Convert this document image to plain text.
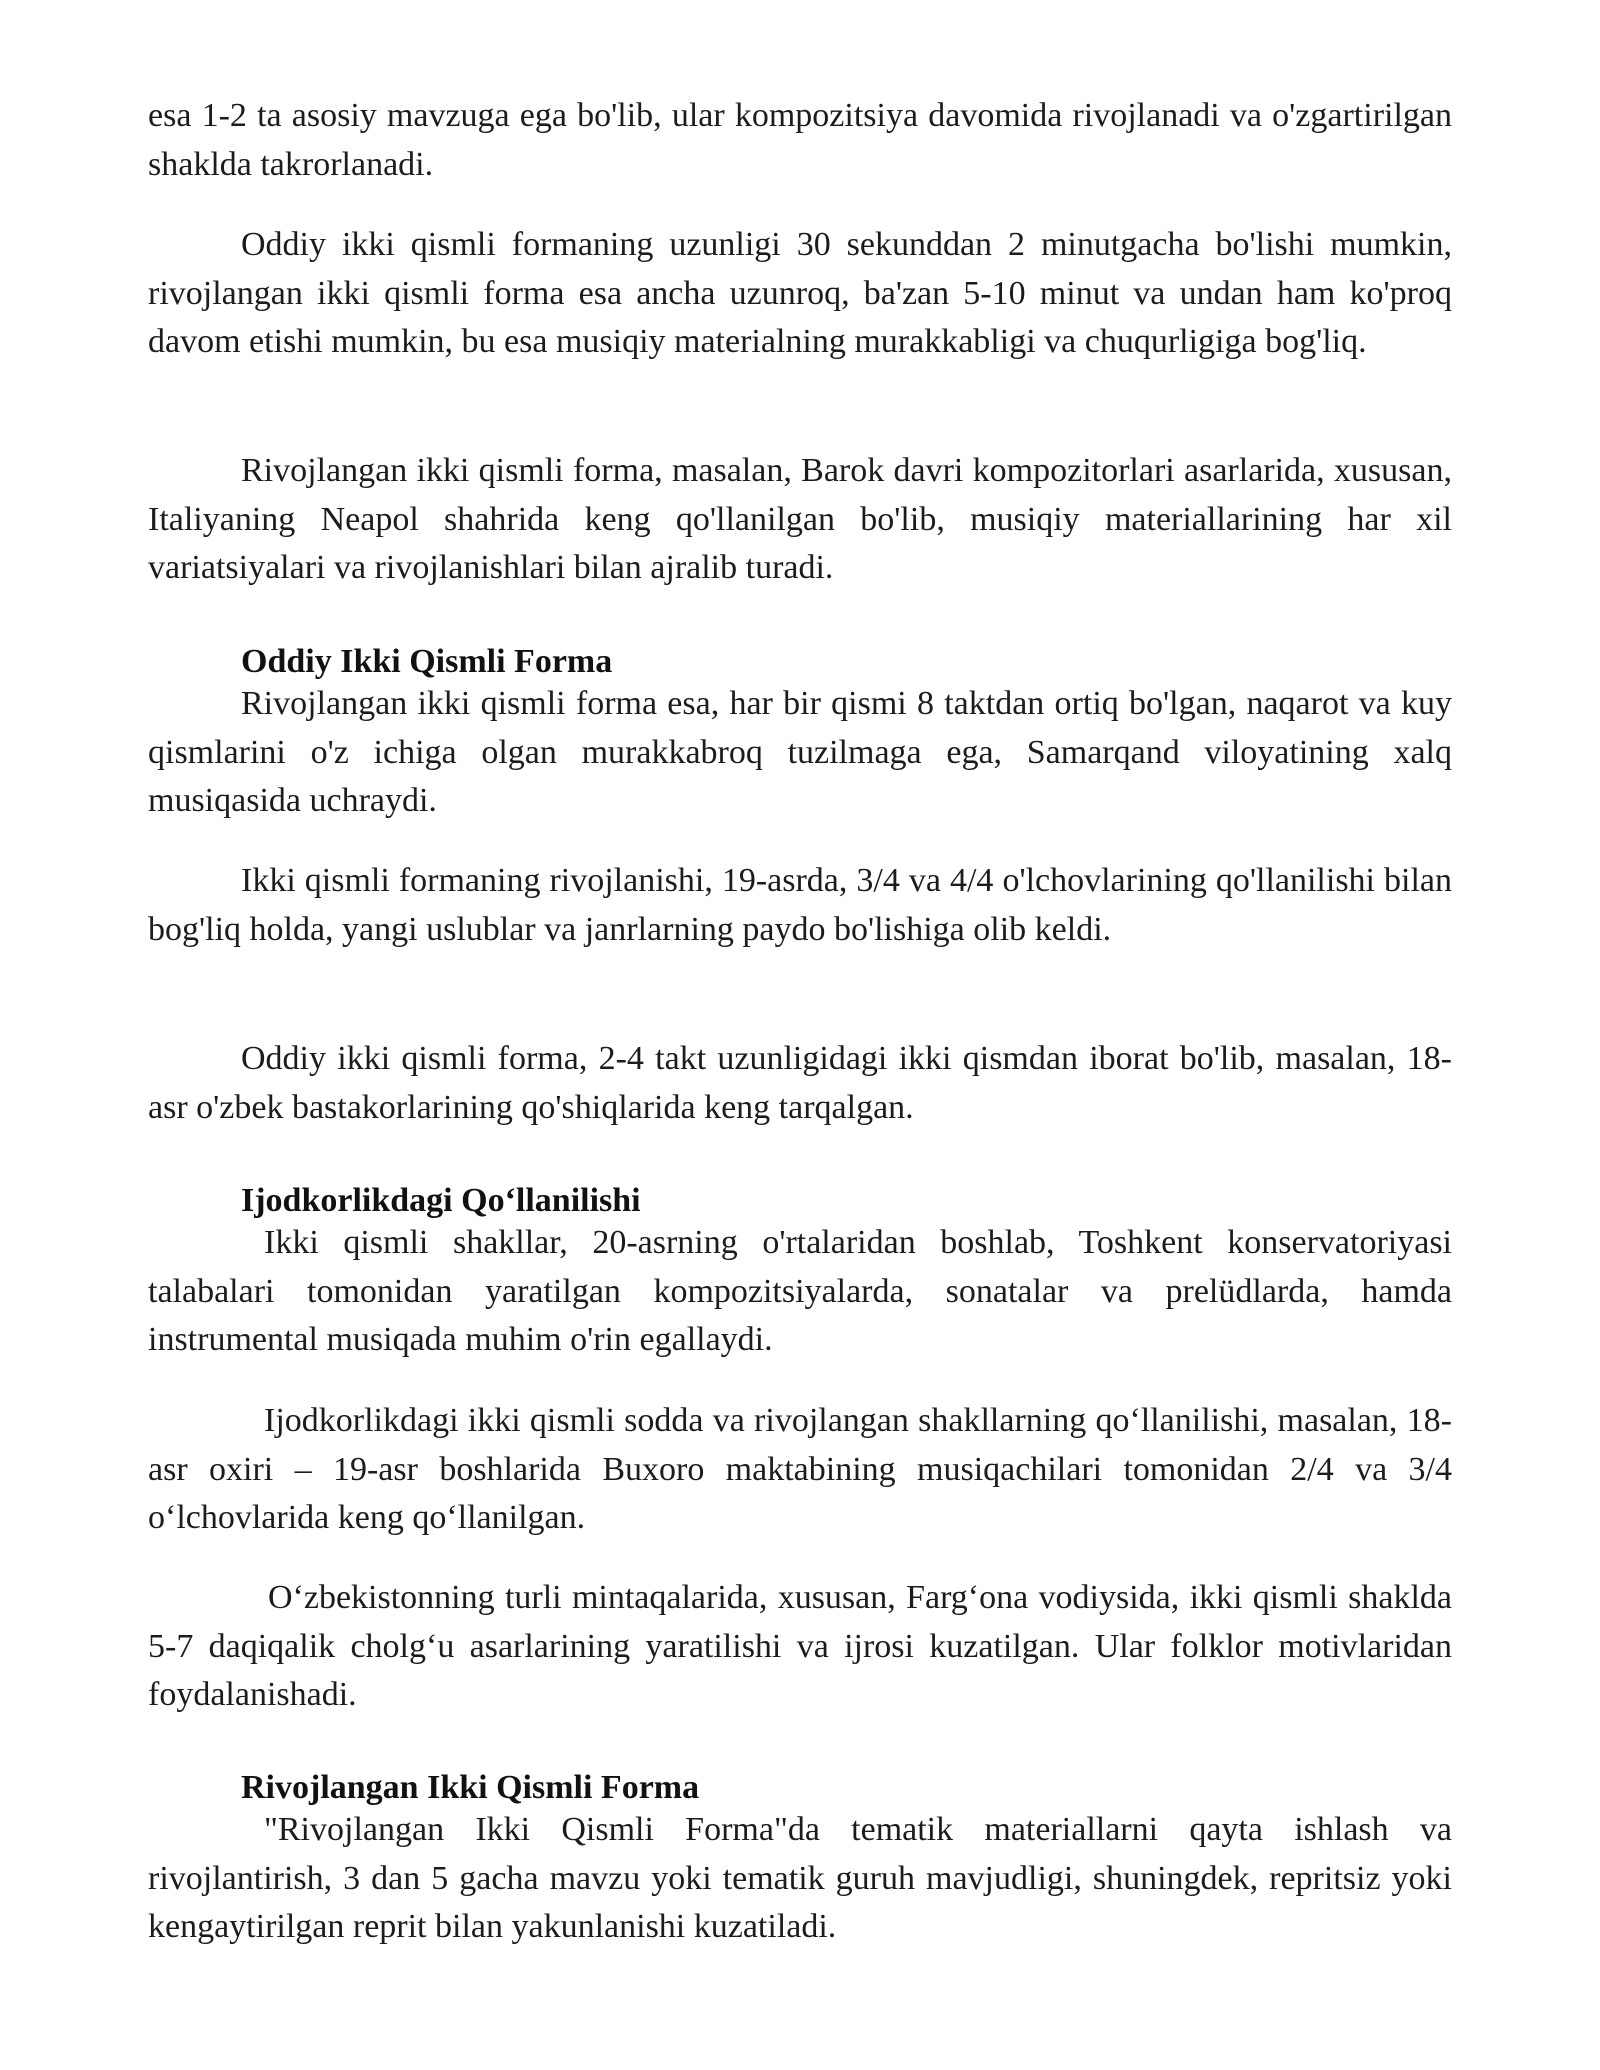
esa 1-2 ta asosiy mavzuga ega bo'lib, ular kompozitsiya davomida rivojlanadi va o'zgartirilgan shaklda takrorlanadi.

Oddiy ikki qismli formaning uzunligi 30 sekunddan 2 minutgacha bo'lishi mumkin, rivojlangan ikki qismli forma esa ancha uzunroq, ba'zan 5-10 minut va undan ham ko'proq davom etishi mumkin, bu esa musiqiy materialning murakkabligi va chuqurligiga bog'liq.

Rivojlangan ikki qismli forma, masalan, Barok davri kompozitorlari asarlarida, xususan, Italiyaning Neapol shahrida keng qo'llanilgan bo'lib, musiqiy materiallarining har xil variatsiyalari va rivojlanishlari bilan ajralib turadi.

Oddiy Ikki Qismli Forma

Rivojlangan ikki qismli forma esa, har bir qismi 8 taktdan ortiq bo'lgan, naqarot va kuy qismlarini o'z ichiga olgan murakkabroq tuzilmaga ega, Samarqand viloyatining xalq musiqasida uchraydi.

Ikki qismli formaning rivojlanishi, 19-asrda, 3/4 va 4/4 o'lchovlarining qo'llanilishi bilan bog'liq holda, yangi uslublar va janrlarning paydo bo'lishiga olib keldi.

Oddiy ikki qismli forma, 2-4 takt uzunligidagi ikki qismdan iborat bo'lib, masalan, 18-asr o'zbek bastakorlarining qo'shiqlarida keng tarqalgan.

Ijodkorlikdagi Qo‘llanilishi

Ikki qismli shakllar, 20-asrning o'rtalaridan boshlab, Toshkent konservatoriyasi talabalari tomonidan yaratilgan kompozitsiyalarda, sonatalar va prelüdlarda, hamda instrumental musiqada muhim o'rin egallaydi.

Ijodkorlikdagi ikki qismli sodda va rivojlangan shakllarning qo‘llanilishi, masalan, 18-asr oxiri – 19-asr boshlarida Buxoro maktabining musiqachilari tomonidan 2/4 va 3/4 o‘lchovlarida keng qo‘llanilgan.

O‘zbekistonning turli mintaqalarida, xususan, Farg‘ona vodiysida, ikki qismli shaklda 5-7 daqiqalik cholg‘u asarlarining yaratilishi va ijrosi kuzatilgan. Ular folklor motivlaridan foydalanishadi.

Rivojlangan Ikki Qismli Forma

"Rivojlangan Ikki Qismli Forma"da tematik materiallarni qayta ishlash va rivojlantirish, 3 dan 5 gacha mavzu yoki tematik guruh mavjudligi, shuningdek, repritsiz yoki kengaytirilgan reprit bilan yakunlanishi kuzatiladi.
